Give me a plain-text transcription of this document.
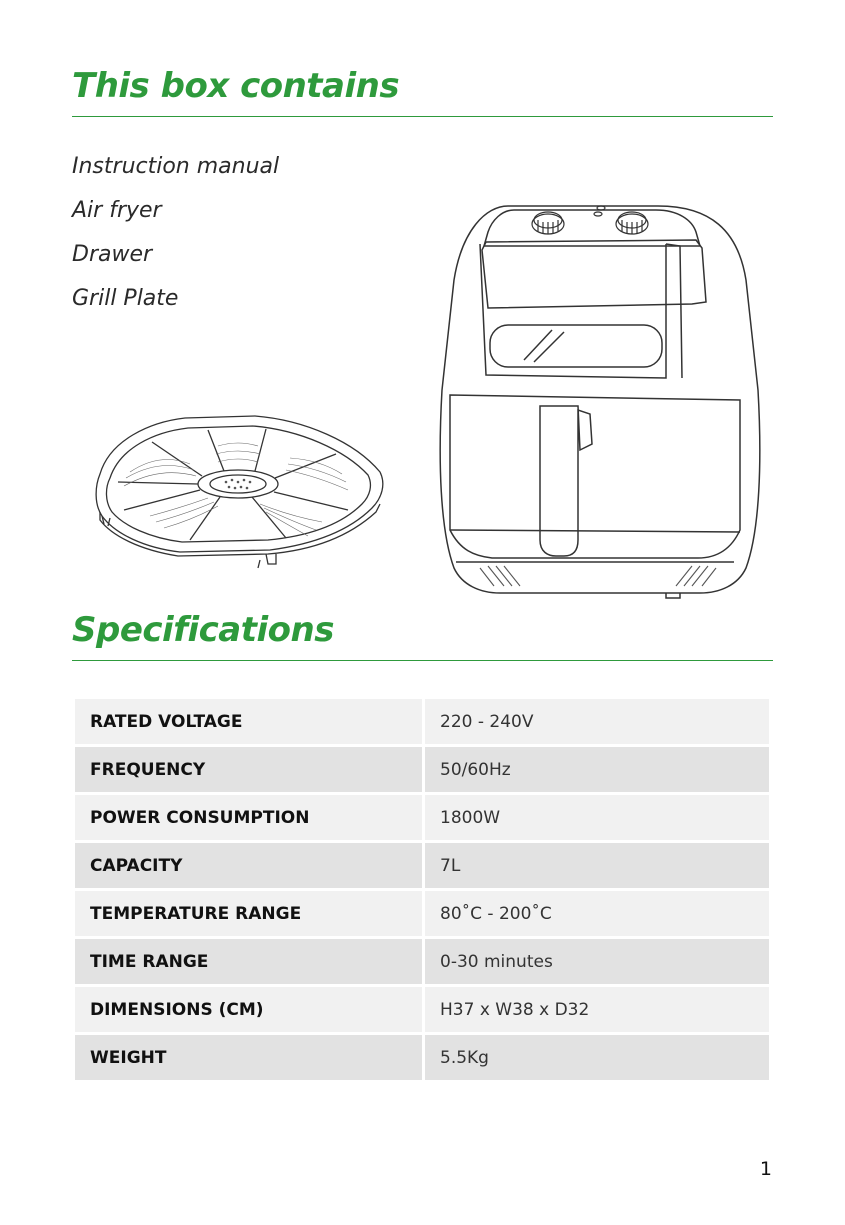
This box contains
Instruction manual
Air fryer
Drawer
Grill Plate
Specifications
RATED VOLTAGE	220 - 240V
FREQUENCY	50/60Hz
POWER CONSUMPTION	1800W
CAPACITY	7L
TEMPERATURE RANGE	80˚C - 200˚C
TIME RANGE	0-30 minutes
DIMENSIONS (CM)	H37 x W38 x D32
WEIGHT	5.5Kg
1
